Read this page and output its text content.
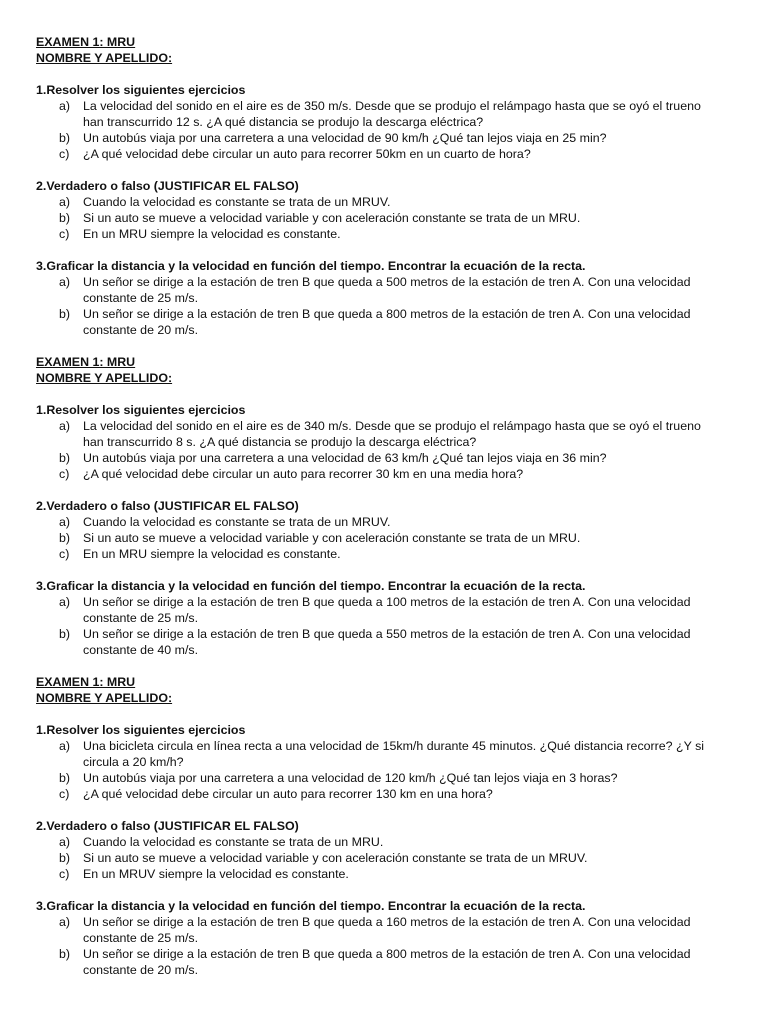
EXAMEN 1: MRU
NOMBRE Y APELLIDO:
1.Resolver los siguientes ejercicios
a) La velocidad del sonido en el aire es de 350 m/s. Desde que se produjo el relámpago hasta que se oyó el trueno
han transcurrido 12 s. ¿A qué distancia se produjo la descarga eléctrica?
b) Un autobús viaja por una carretera a una velocidad de 90 km/h ¿Qué tan lejos viaja en 25 min?
c) ¿A qué velocidad debe circular un auto para recorrer 50km en un cuarto de hora?
2.Verdadero o falso (JUSTIFICAR EL FALSO)
a) Cuando la velocidad es constante se trata de un MRUV.
b) Si un auto se mueve a velocidad variable y con aceleración constante se trata de un MRU.
c) En un MRU siempre la velocidad es constante.
3.Graficar la distancia y la velocidad en función del tiempo. Encontrar la ecuación de la recta.
a) Un señor se dirige a la estación de tren B que queda a 500 metros de la estación de tren A. Con una velocidad
constante de 25 m/s.
b) Un señor se dirige a la estación de tren B que queda a 800 metros de la estación de tren A. Con una velocidad
constante de 20 m/s.
EXAMEN 1: MRU
NOMBRE Y APELLIDO:
1.Resolver los siguientes ejercicios
a) La velocidad del sonido en el aire es de 340 m/s. Desde que se produjo el relámpago hasta que se oyó el trueno
han transcurrido 8 s. ¿A qué distancia se produjo la descarga eléctrica?
b) Un autobús viaja por una carretera a una velocidad de 63 km/h ¿Qué tan lejos viaja en 36 min?
c) ¿A qué velocidad debe circular un auto para recorrer 30 km en una media hora?
2.Verdadero o falso (JUSTIFICAR EL FALSO)
a) Cuando la velocidad es constante se trata de un MRUV.
b) Si un auto se mueve a velocidad variable y con aceleración constante se trata de un MRU.
c) En un MRU siempre la velocidad es constante.
3.Graficar la distancia y la velocidad en función del tiempo. Encontrar la ecuación de la recta.
a) Un señor se dirige a la estación de tren B que queda a 100 metros de la estación de tren A. Con una velocidad
constante de 25 m/s.
b) Un señor se dirige a la estación de tren B que queda a 550 metros de la estación de tren A. Con una velocidad
constante de 40 m/s.
EXAMEN 1: MRU
NOMBRE Y APELLIDO:
1.Resolver los siguientes ejercicios
a) Una bicicleta circula en línea recta a una velocidad de 15km/h durante 45 minutos. ¿Qué distancia recorre? ¿Y si
circula a 20 km/h?
b) Un autobús viaja por una carretera a una velocidad de 120 km/h ¿Qué tan lejos viaja en 3 horas?
c) ¿A qué velocidad debe circular un auto para recorrer 130 km en una hora?
2.Verdadero o falso (JUSTIFICAR EL FALSO)
a) Cuando la velocidad es constante se trata de un MRU.
b) Si un auto se mueve a velocidad variable y con aceleración constante se trata de un MRUV.
c) En un MRUV siempre la velocidad es constante.
3.Graficar la distancia y la velocidad en función del tiempo. Encontrar la ecuación de la recta.
a) Un señor se dirige a la estación de tren B que queda a 160 metros de la estación de tren A. Con una velocidad
constante de 25 m/s.
b) Un señor se dirige a la estación de tren B que queda a 800 metros de la estación de tren A. Con una velocidad
constante de 20 m/s.
